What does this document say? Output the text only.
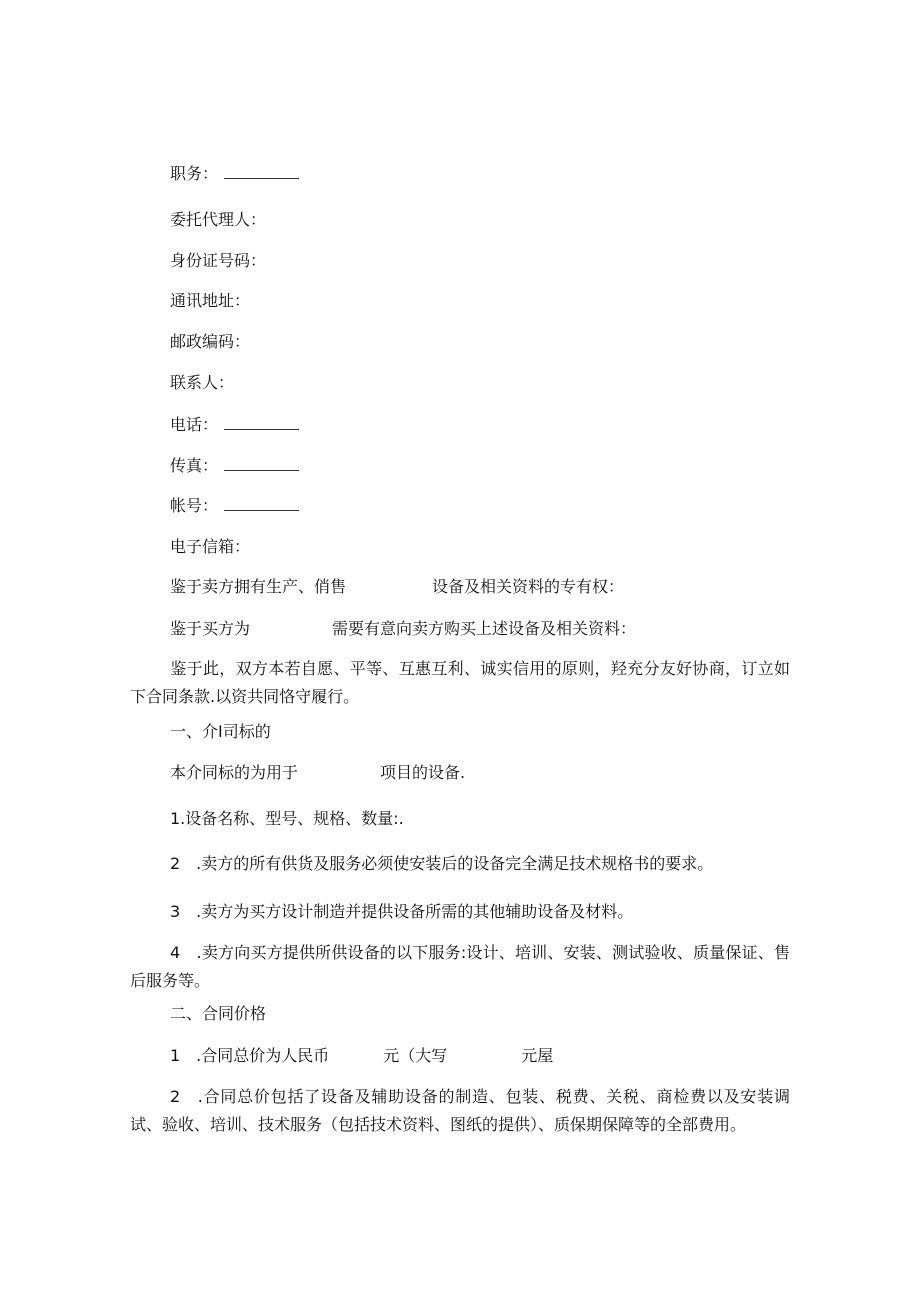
职务：

委托代理人：

身份证号码：

通讯地址：

邮政编码：

联系人：

电话：

传真：

帐号：

电子信箱：

鉴于卖方拥有生产、俏售	设备及相关资料的专有权：

鉴于买方为	需要有意向卖方购买上述设备及相关资料：

鉴于此，双方本若自愿、平等、互惠互利、诚实信用的原则，羟充分友好协商，订立如下合同条款.以资共同恪守履行。

一、介I司标的

本介同标的为用于	项目的设备.

1.设备名称、型号、规格、数量:.

2　.卖方的所有供货及服务必须使安装后的设备完全满足技术规格书的要求。

3　.卖方为买方设计制造并提供设备所需的其他辅助设备及材料。

4　.卖方向买方提供所供设备的以下服务:设计、培训、安装、测试验收、质量保证、售后服务等。

二、合同价格

1　.合同总价为人民币	元（大写	元屋

2　.合同总价包括了设备及辅助设备的制造、包装、税费、关税、商检费以及安装调试、验收、培训、技术服务（包括技术资料、图纸的提供）、质保期保障等的全部费用。
